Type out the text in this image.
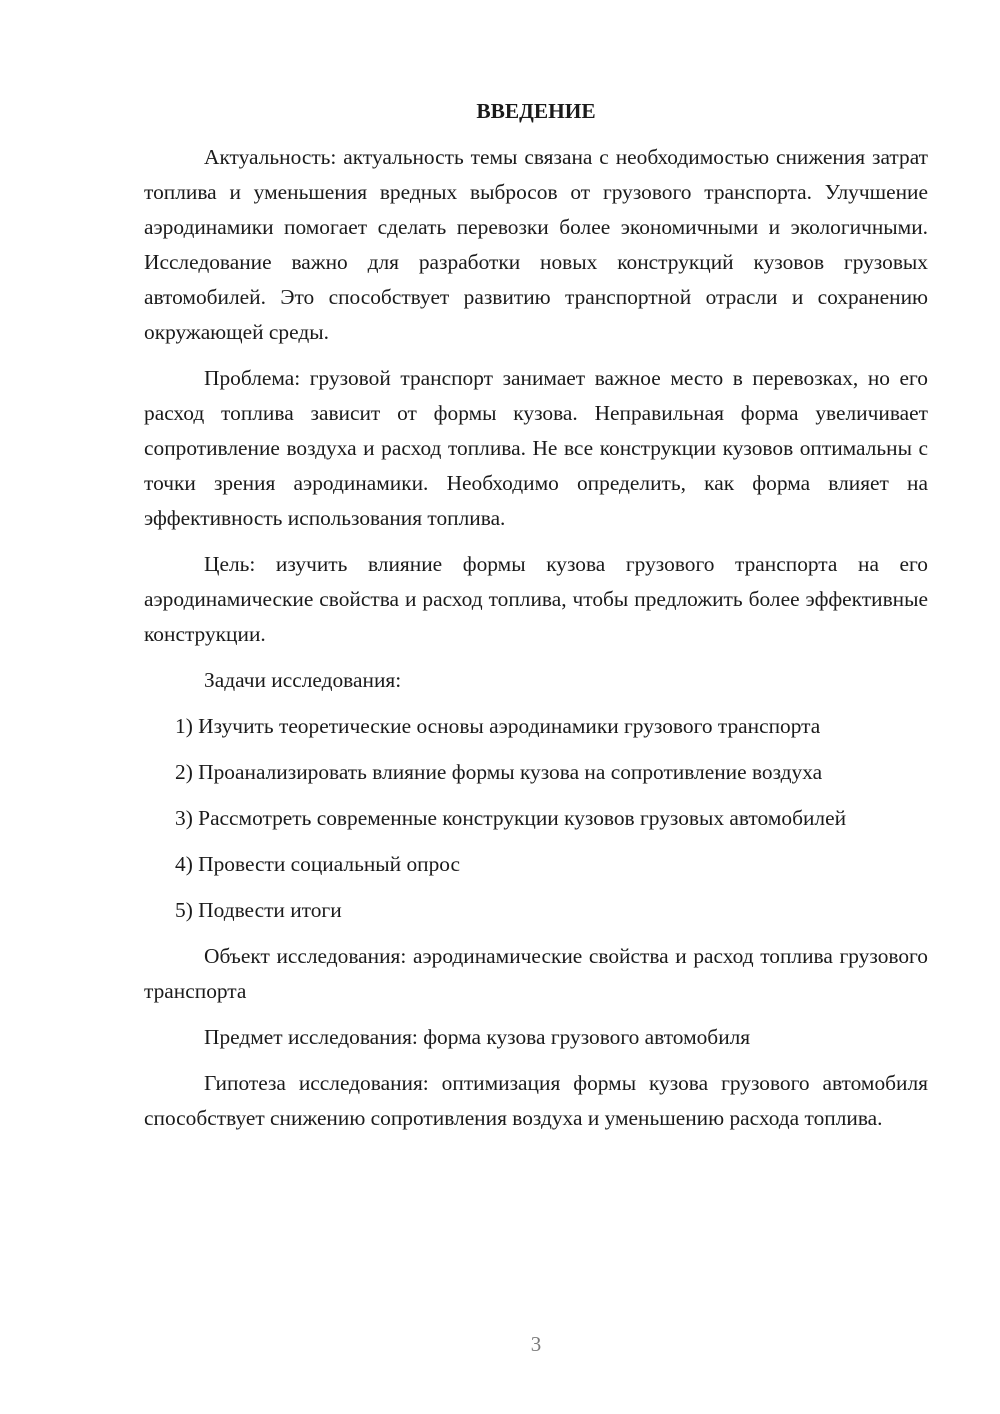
ВВЕДЕНИЕ

Актуальность: актуальность темы связана с необходимостью снижения затрат топлива и уменьшения вредных выбросов от грузового транспорта. Улучшение аэродинамики помогает сделать перевозки более экономичными и экологичными. Исследование важно для разработки новых конструкций кузовов грузовых автомобилей. Это способствует развитию транспортной отрасли и сохранению окружающей среды.

Проблема: грузовой транспорт занимает важное место в перевозках, но его расход топлива зависит от формы кузова. Неправильная форма увеличивает сопротивление воздуха и расход топлива. Не все конструкции кузовов оптимальны с точки зрения аэродинамики. Необходимо определить, как форма влияет на эффективность использования топлива.

Цель: изучить влияние формы кузова грузового транспорта на его аэродинамические свойства и расход топлива, чтобы предложить более эффективные конструкции.

Задачи исследования:

1) Изучить теоретические основы аэродинамики грузового транспорта

2) Проанализировать влияние формы кузова на сопротивление воздуха

3) Рассмотреть современные конструкции кузовов грузовых автомобилей

4) Провести социальный опрос

5) Подвести итоги

Объект исследования: аэродинамические свойства и расход топлива грузового транспорта

Предмет исследования: форма кузова грузового автомобиля

Гипотеза исследования: оптимизация формы кузова грузового автомобиля способствует снижению сопротивления воздуха и уменьшению расхода топлива.

3
